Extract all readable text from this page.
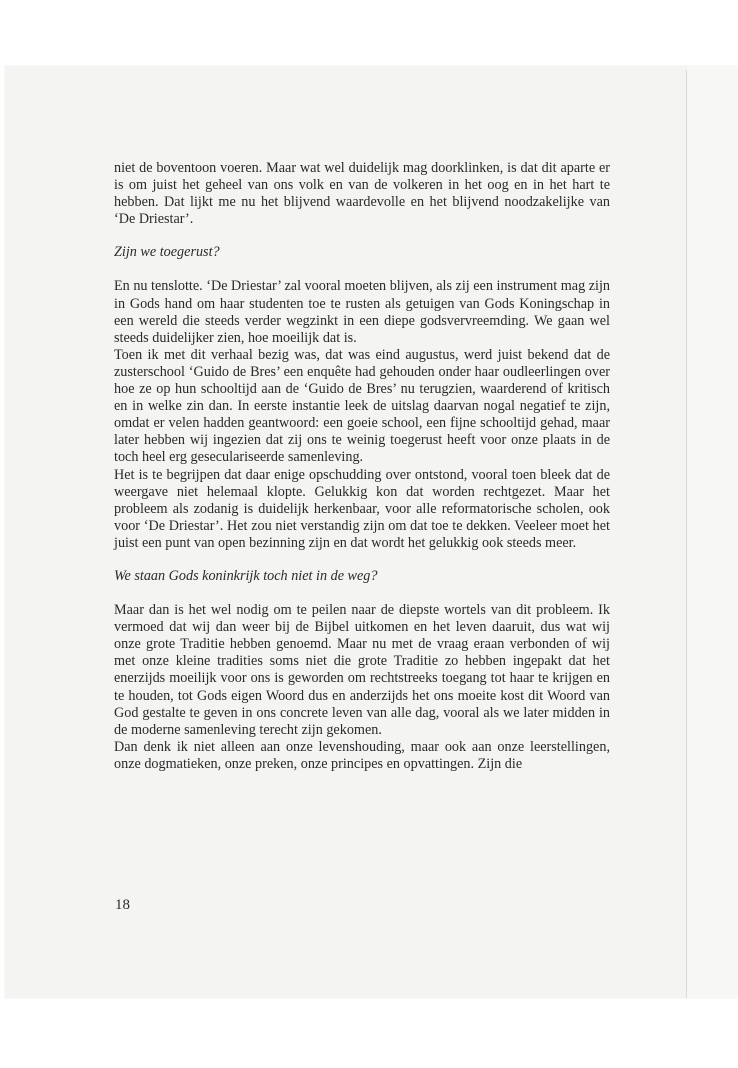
niet de boventoon voeren. Maar wat wel duidelijk mag doorklinken, is dat dit aparte er is om juist het geheel van ons volk en van de volkeren in het oog en in het hart te hebben. Dat lijkt me nu het blijvend waardevolle en het blijvend noodzakelijke van ‘De Driestar’.

Zijn we toegerust?

En nu tenslotte. ‘De Driestar’ zal vooral moeten blijven, als zij een instrument mag zijn in Gods hand om haar studenten toe te rusten als getuigen van Gods Koningschap in een wereld die steeds verder wegzinkt in een diepe godsvervreemding. We gaan wel steeds duidelijker zien, hoe moeilijk dat is.

Toen ik met dit verhaal bezig was, dat was eind augustus, werd juist bekend dat de zusterschool ‘Guido de Bres’ een enquête had gehouden onder haar oudleerlingen over hoe ze op hun schooltijd aan de ‘Guido de Bres’ nu terugzien, waarderend of kritisch en in welke zin dan. In eerste instantie leek de uitslag daarvan nogal negatief te zijn, omdat er velen hadden geantwoord: een goeie school, een fijne schooltijd gehad, maar later hebben wij ingezien dat zij ons te weinig toegerust heeft voor onze plaats in de toch heel erg geseculariseerde samenleving.

Het is te begrijpen dat daar enige opschudding over ontstond, vooral toen bleek dat de weergave niet helemaal klopte. Gelukkig kon dat worden rechtgezet. Maar het probleem als zodanig is duidelijk herkenbaar, voor alle reformatorische scholen, ook voor ‘De Driestar’. Het zou niet verstandig zijn om dat toe te dekken. Veeleer moet het juist een punt van open bezinning zijn en dat wordt het gelukkig ook steeds meer.

We staan Gods koninkrijk toch niet in de weg?

Maar dan is het wel nodig om te peilen naar de diepste wortels van dit probleem. Ik vermoed dat wij dan weer bij de Bijbel uitkomen en het leven daaruit, dus wat wij onze grote Traditie hebben genoemd. Maar nu met de vraag eraan verbonden of wij met onze kleine tradities soms niet die grote Traditie zo hebben ingepakt dat het enerzijds moeilijk voor ons is geworden om rechtstreeks toegang tot haar te krijgen en te houden, tot Gods eigen Woord dus en anderzijds het ons moeite kost dit Woord van God gestalte te geven in ons concrete leven van alle dag, vooral als we later midden in de moderne samenleving terecht zijn gekomen.

Dan denk ik niet alleen aan onze levenshouding, maar ook aan onze leerstellingen, onze dogmatieken, onze preken, onze principes en opvattingen. Zijn die

18
